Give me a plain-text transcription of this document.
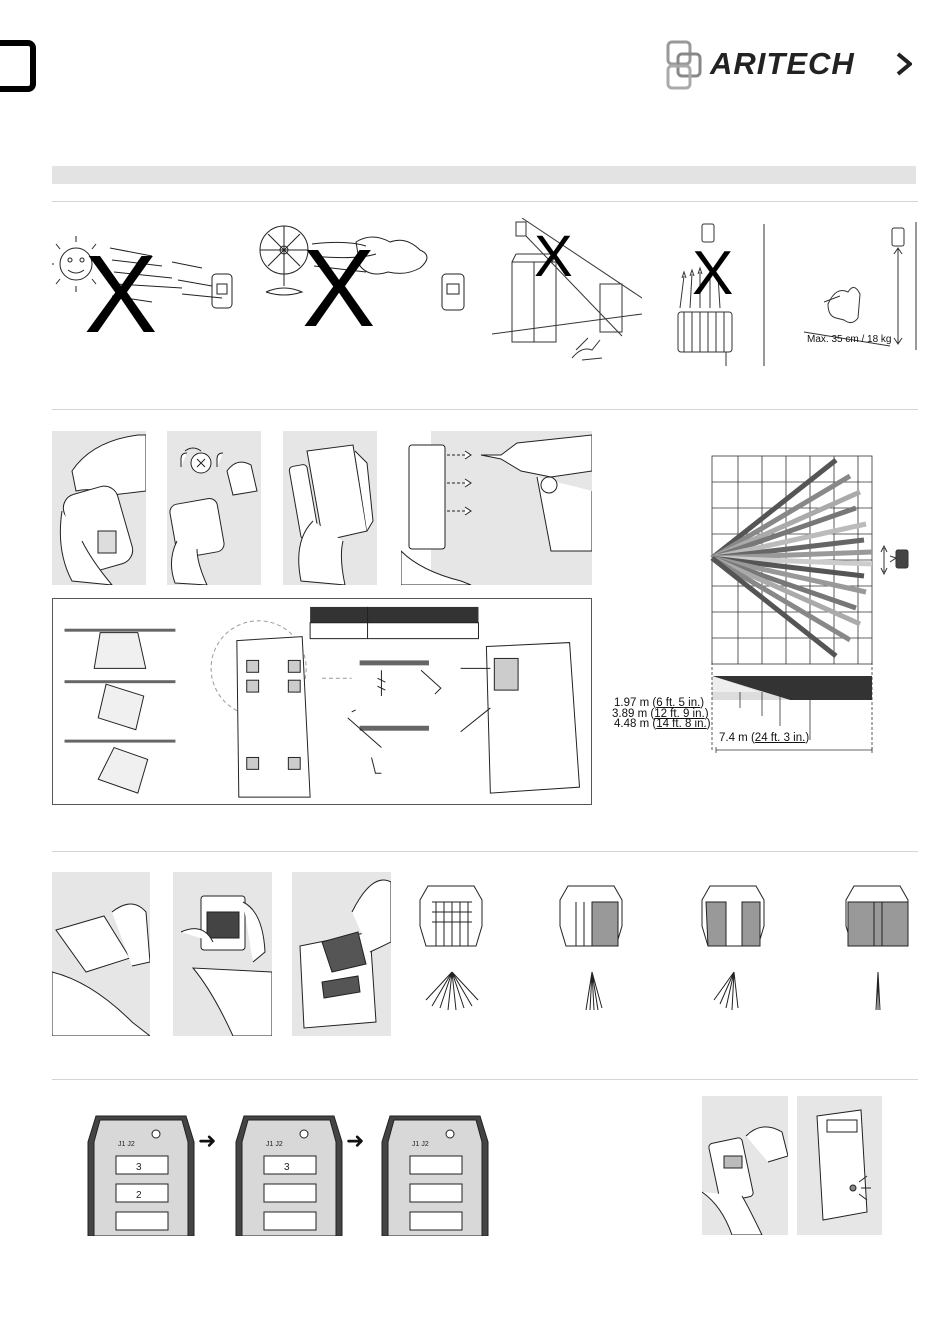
ARITECH
X X	X X
Max. 35 cm / 18 kg
1.97 m (6 ft. 5 in.)
3.89 m (12 ft. 9 in.)
4.48 m (14 ft. 8 in.)
7.4 m (24 ft. 3 in.)
J1 J2
3
2
➜	J1 J2
3
➜	J1 J2
